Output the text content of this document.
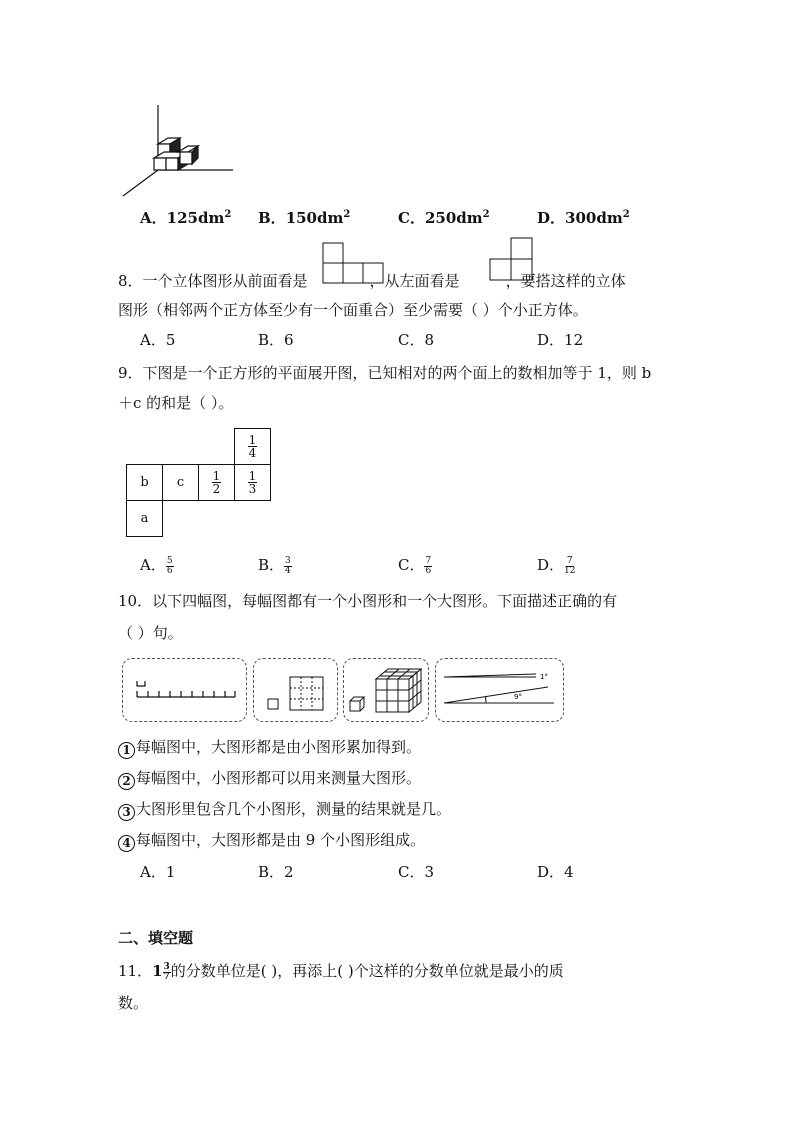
A．$125dm^2$ B．$150dm^2$	C．$250dm^2$	D．$300dm^2$
8．一个立体图形从前面看是	，从左面看是	，要搭这样的立体
图形（相邻两个正方体至少有一个面重合）至少需要（ ）个小正方体。
A．5	B．6	C．8	D．12
9．下图是一个正方形的平面展开图，已知相对的两个面上的数相加等于 1，则 b
＋c 的和是（ ）。

			$\frac{1}{4}$

b	c	$\frac{1}{2}$	$\frac{1}{3}$

a			
A． $\frac{5}{6}$	B． $\frac{3}{4}$	C． $\frac{7}{6}$	D． $\frac{7}{12}$
10．以下四幅图，每幅图都有一个小图形和一个大图形。下面描述正确的有
（ ）句。
1°
9°
1 每幅图中，大图形都是由小图形累加得到。
2 每幅图中，小图形都可以用来测量大图形。
3 大图形里包含几个小图形，测量的结果就是几。
4 每幅图中，大图形都是由 9 个小图形组成。
A．1	B．2	C．3	D．4
二、填空题
11．$1 \frac{3}{7}$ 的分数单位是( )，再添上( )个这样的分数单位就是最小的质
数。
